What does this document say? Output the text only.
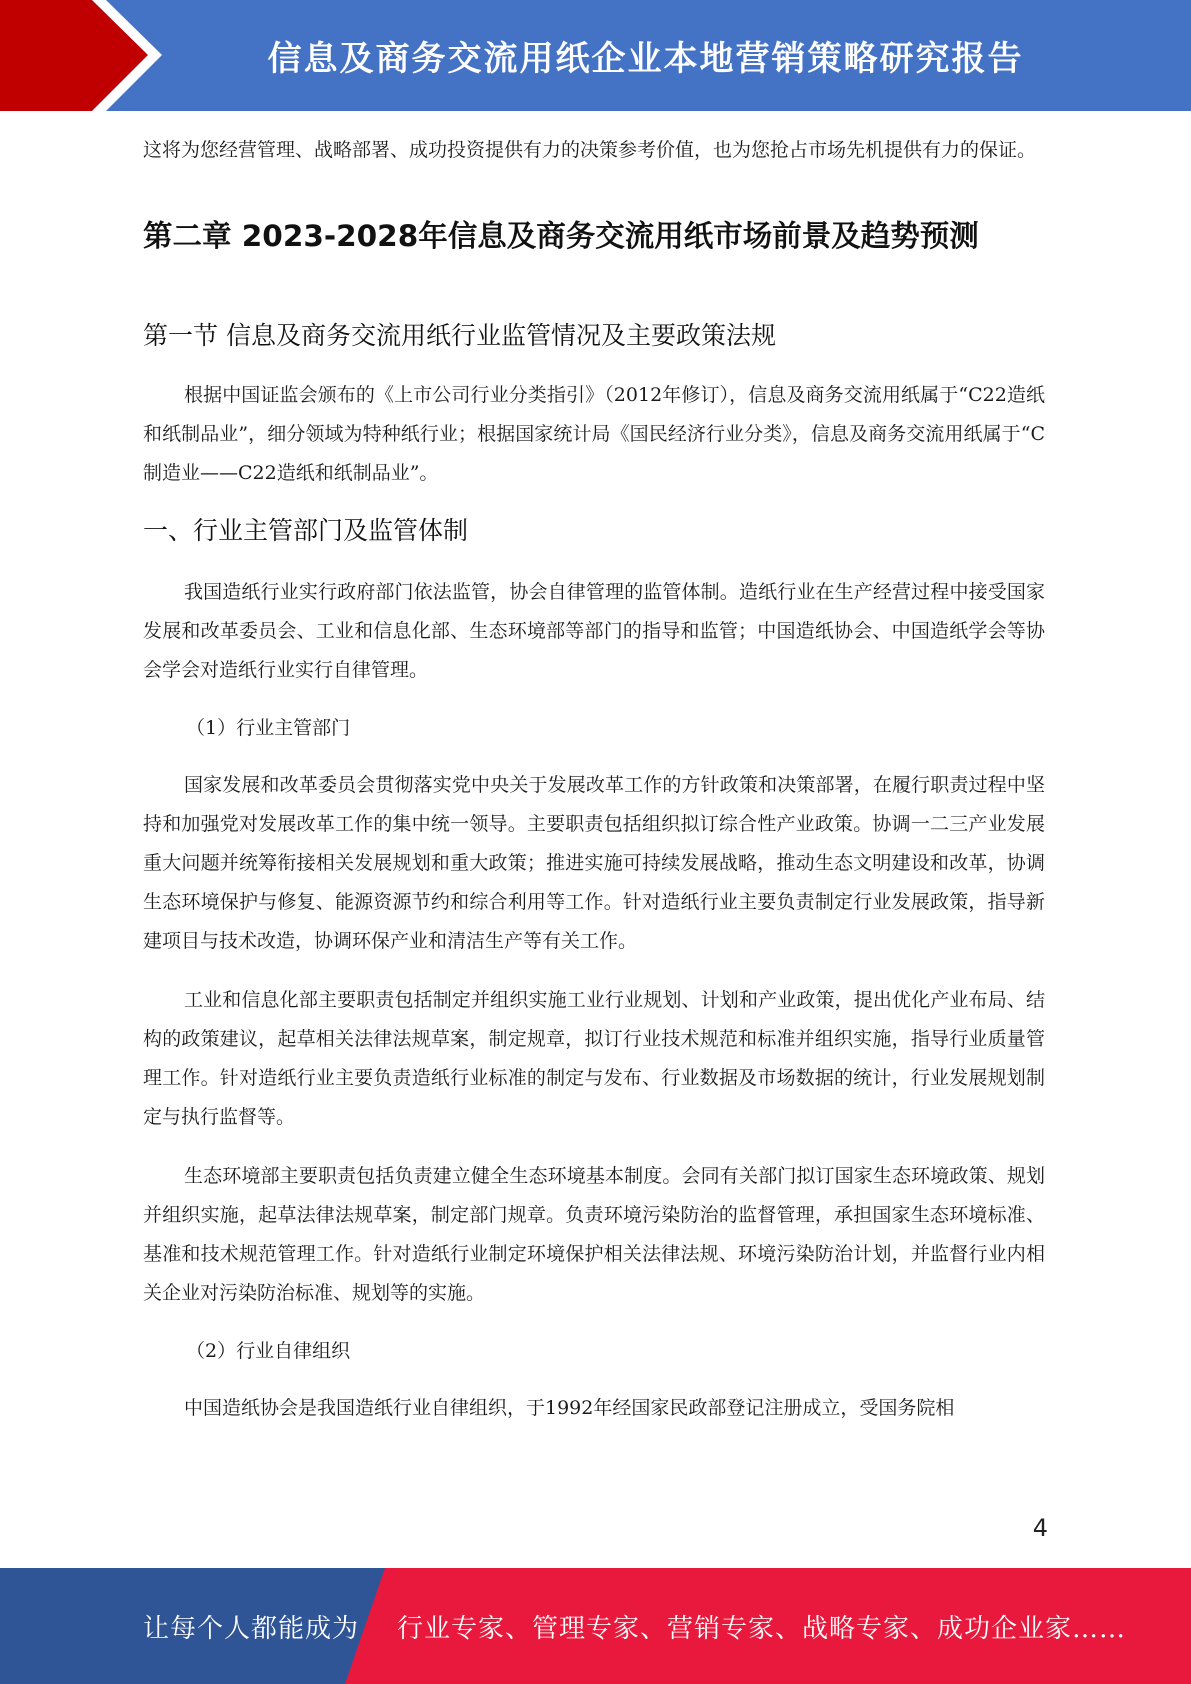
信息及商务交流用纸企业本地营销策略研究报告

这将为您经营管理、战略部署、成功投资提供有力的决策参考价值，也为您抢占市场先机提供有力的保证。

第二章 2023-2028年信息及商务交流用纸市场前景及趋势预测
第一节 信息及商务交流用纸行业监管情况及主要政策法规

根据中国证监会颁布的《上市公司行业分类指引》（2012年修订），信息及商务交流用纸属于“C22造纸和纸制品业”，细分领域为特种纸行业；根据国家统计局《国民经济行业分类》，信息及商务交流用纸属于“C制造业——C22造纸和纸制品业”。

一、行业主管部门及监管体制

我国造纸行业实行政府部门依法监管，协会自律管理的监管体制。造纸行业在生产经营过程中接受国家发展和改革委员会、工业和信息化部、生态环境部等部门的指导和监管；中国造纸协会、中国造纸学会等协会学会对造纸行业实行自律管理。

（1）行业主管部门

国家发展和改革委员会贯彻落实党中央关于发展改革工作的方针政策和决策部署，在履行职责过程中坚持和加强党对发展改革工作的集中统一领导。主要职责包括组织拟订综合性产业政策。协调一二三产业发展重大问题并统筹衔接相关发展规划和重大政策；推进实施可持续发展战略，推动生态文明建设和改革，协调生态环境保护与修复、能源资源节约和综合利用等工作。针对造纸行业主要负责制定行业发展政策，指导新建项目与技术改造，协调环保产业和清洁生产等有关工作。

工业和信息化部主要职责包括制定并组织实施工业行业规划、计划和产业政策，提出优化产业布局、结构的政策建议，起草相关法律法规草案，制定规章，拟订行业技术规范和标准并组织实施，指导行业质量管理工作。针对造纸行业主要负责造纸行业标准的制定与发布、行业数据及市场数据的统计，行业发展规划制定与执行监督等。

生态环境部主要职责包括负责建立健全生态环境基本制度。会同有关部门拟订国家生态环境政策、规划并组织实施，起草法律法规草案，制定部门规章。负责环境污染防治的监督管理，承担国家生态环境标准、基准和技术规范管理工作。针对造纸行业制定环境保护相关法律法规、环境污染防治计划，并监督行业内相关企业对污染防治标准、规划等的实施。

（2）行业自律组织

中国造纸协会是我国造纸行业自律组织，于1992年经国家民政部登记注册成立，受国务院相

4
让每个人都能成为 行业专家、管理专家、营销专家、战略专家、成功企业家……
